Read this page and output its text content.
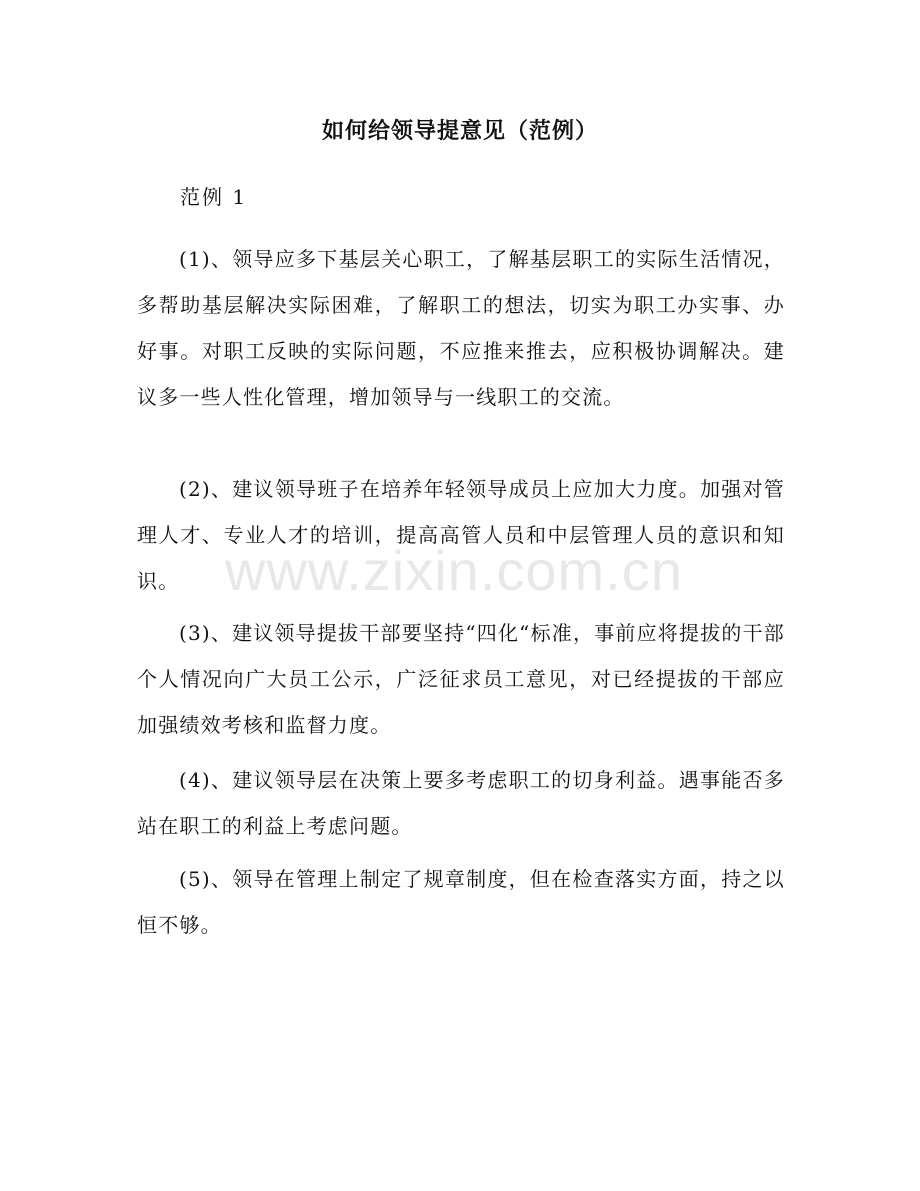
如何给领导提意见（范例）
范例 1
(1)、领导应多下基层关心职工，了解基层职工的实际生活情况，多帮助基层解决实际困难，了解职工的想法，切实为职工办实事、办好事。对职工反映的实际问题，不应推来推去，应积极协调解决。建议多一些人性化管理，增加领导与一线职工的交流。
(2)、建议领导班子在培养年轻领导成员上应加大力度。加强对管理人才、专业人才的培训，提高高管人员和中层管理人员的意识和知识。
(3)、建议领导提拔干部要坚持“四化“标准，事前应将提拔的干部个人情况向广大员工公示，广泛征求员工意见，对已经提拔的干部应加强绩效考核和监督力度。
(4)、建议领导层在决策上要多考虑职工的切身利益。遇事能否多站在职工的利益上考虑问题。
(5)、领导在管理上制定了规章制度，但在检查落实方面，持之以恒不够。
www.zixin.com.cn
